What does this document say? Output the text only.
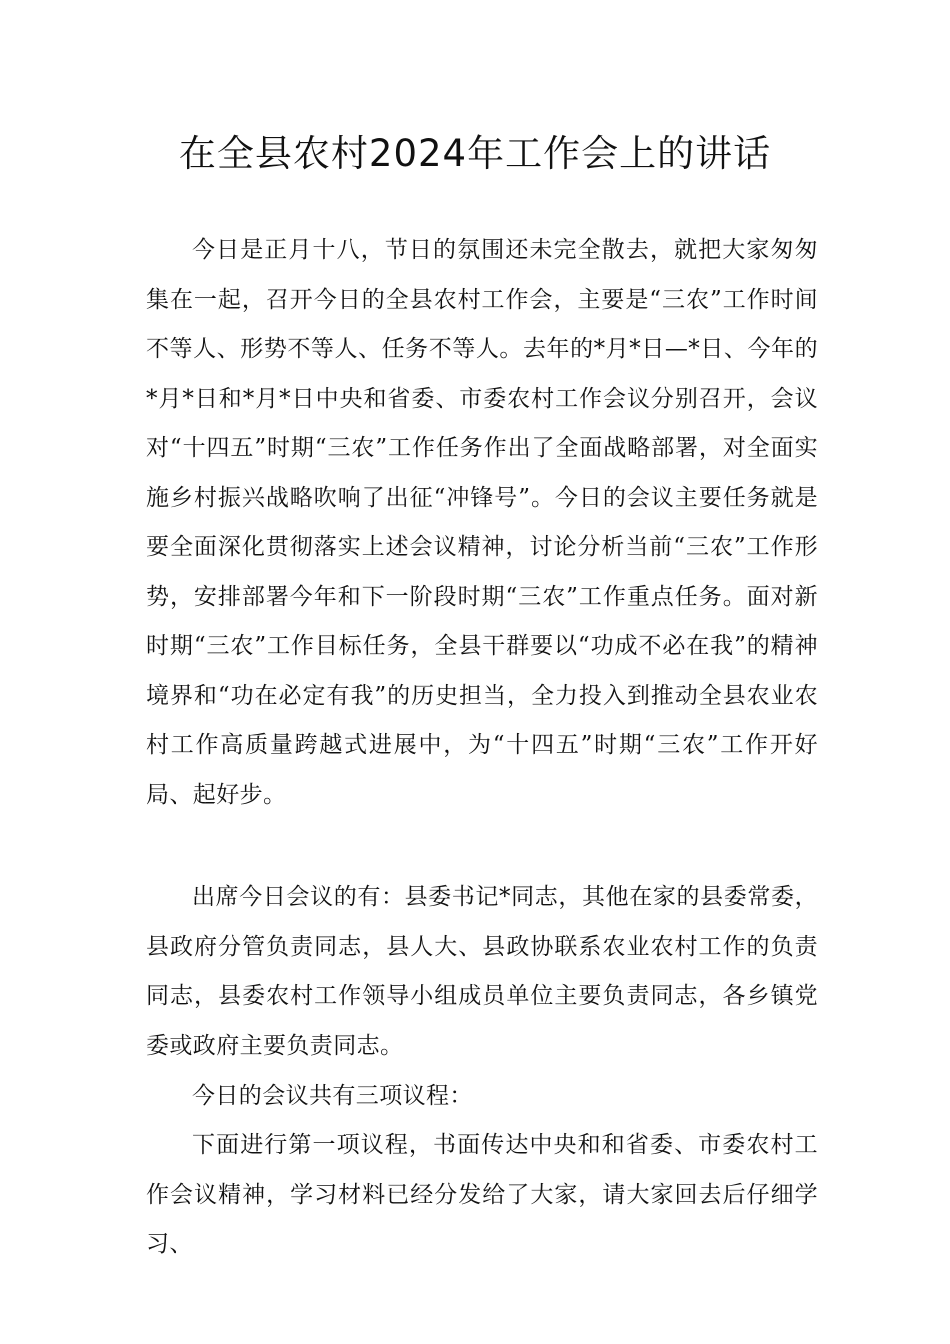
在全县农村2024年工作会上的讲话

今日是正月十八，节日的氛围还未完全散去，就把大家匆匆集在一起，召开今日的全县农村工作会，主要是“三农”工作时间不等人、形势不等人、任务不等人。去年的*月*日—*日、今年的*月*日和*月*日中央和省委、市委农村工作会议分别召开，会议对“十四五”时期“三农”工作任务作出了全面战略部署，对全面实施乡村振兴战略吹响了出征“冲锋号”。今日的会议主要任务就是要全面深化贯彻落实上述会议精神，讨论分析当前“三农”工作形势，安排部署今年和下一阶段时期“三农”工作重点任务。面对新时期“三农”工作目标任务，全县干群要以“功成不必在我”的精神境界和“功在必定有我”的历史担当，全力投入到推动全县农业农村工作高质量跨越式进展中，为“十四五”时期“三农”工作开好局、起好步。

出席今日会议的有：县委书记*同志，其他在家的县委常委，县政府分管负责同志，县人大、县政协联系农业农村工作的负责同志，县委农村工作领导小组成员单位主要负责同志，各乡镇党委或政府主要负责同志。

今日的会议共有三项议程：

下面进行第一项议程，书面传达中央和和省委、市委农村工作会议精神，学习材料已经分发给了大家，请大家回去后仔细学习、
